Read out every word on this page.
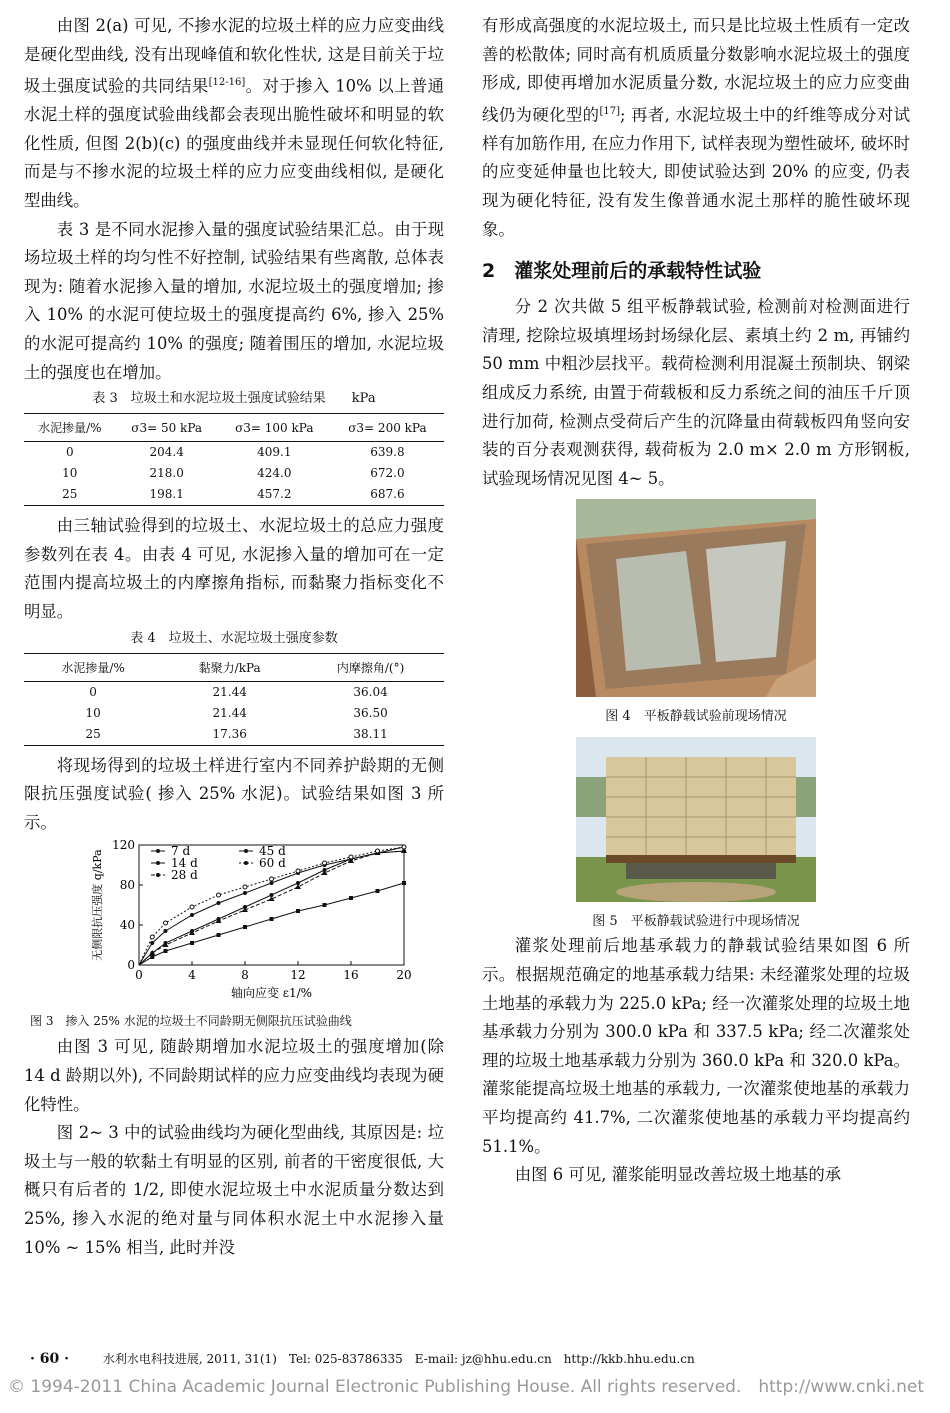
由图 2(a) 可见, 不掺水泥的垃圾土样的应力应变曲线是硬化型曲线, 没有出现峰值和软化性状, 这是目前关于垃圾土强度试验的共同结果[12-16]。对于掺入 10% 以上普通水泥土样的强度试验曲线都会表现出脆性破坏和明显的软化性质, 但图 2(b)(c) 的强度曲线并未显现任何软化特征, 而是与不掺水泥的垃圾土样的应力应变曲线相似, 是硬化型曲线。

表 3 是不同水泥掺入量的强度试验结果汇总。由于现场垃圾土样的均匀性不好控制, 试验结果有些离散, 总体表现为: 随着水泥掺入量的增加, 水泥垃圾土的强度增加; 掺入 10% 的水泥可使垃圾土的强度提高约 6%, 掺入 25% 的水泥可提高约 10% 的强度; 随着围压的增加, 水泥垃圾土的强度也在增加。

表 3　垃圾土和水泥垃圾土强度试验结果　　kPa
水泥掺量/%	σ3= 50 kPa	σ3= 100 kPa	σ3= 200 kPa
0	204.4	409.1	639.8
10	218.0	424.0	672.0
25	198.1	457.2	687.6

由三轴试验得到的垃圾土、水泥垃圾土的总应力强度参数列在表 4。由表 4 可见, 水泥掺入量的增加可在一定范围内提高垃圾土的内摩擦角指标, 而黏聚力指标变化不明显。

表 4　垃圾土、水泥垃圾土强度参数
水泥掺量/%	黏聚力/kPa	内摩擦角/(°)
0	21.44	36.04
10	21.44	36.50
25	17.36	38.11

将现场得到的垃圾土样进行室内不同养护龄期的无侧限抗压强度试验( 掺入 25% 水泥)。试验结果如图 3 所示。

0	4	8	12	16	20
0
40
80
120
轴向应变 ε1/%
无侧限抗压强度 q/kPa	7 d
14 d
28 d
45 d
60 d
图 3　掺入 25% 水泥的垃圾土不同龄期无侧限抗压试验曲线

由图 3 可见, 随龄期增加水泥垃圾土的强度增加(除 14 d 龄期以外), 不同龄期试样的应力应变曲线均表现为硬化特性。

图 2~ 3 中的试验曲线均为硬化型曲线, 其原因是: 垃圾土与一般的软黏土有明显的区别, 前者的干密度很低, 大概只有后者的 1/2, 即使水泥垃圾土中水泥质量分数达到 25%, 掺入水泥的绝对量与同体积水泥土中水泥掺入量 10% ~ 15% 相当, 此时并没

有形成高强度的水泥垃圾土, 而只是比垃圾土性质有一定改善的松散体; 同时高有机质质量分数影响水泥垃圾土的强度形成, 即使再增加水泥质量分数, 水泥垃圾土的应力应变曲线仍为硬化型的[17]; 再者, 水泥垃圾土中的纤维等成分对试样有加筋作用, 在应力作用下, 试样表现为塑性破坏, 破坏时的应变延伸量也比较大, 即使试验达到 20% 的应变, 仍表现为硬化特征, 没有发生像普通水泥土那样的脆性破坏现象。

2　灌浆处理前后的承载特性试验

分 2 次共做 5 组平板静载试验, 检测前对检测面进行清理, 挖除垃圾填埋场封场绿化层、素填土约 2 m, 再铺约 50 mm 中粗沙层找平。载荷检测利用混凝土预制块、钢梁组成反力系统, 由置于荷载板和反力系统之间的油压千斤顶进行加荷, 检测点受荷后产生的沉降量由荷载板四角竖向安装的百分表观测获得, 载荷板为 2.0 m× 2.0 m 方形钢板, 试验现场情况见图 4~ 5。

图 4　平板静载试验前现场情况
图 5　平板静载试验进行中现场情况

灌浆处理前后地基承载力的静载试验结果如图 6 所示。根据规范确定的地基承载力结果: 未经灌浆处理的垃圾土地基的承载力为 225.0 kPa; 经一次灌浆处理的垃圾土地基承载力分别为 300.0 kPa 和 337.5 kPa; 经二次灌浆处理的垃圾土地基承载力分别为 360.0 kPa 和 320.0 kPa。灌浆能提高垃圾土地基的承载力, 一次灌浆使地基的承载力平均提高约 41.7%, 二次灌浆使地基的承载力平均提高约 51.1%。

由图 6 可见, 灌浆能明显改善垃圾土地基的承

· 60 ·	水利水电科技进展, 2011, 31(1)　Tel: 025-83786335　E-mail: jz@hhu.edu.cn　http://kkb.hhu.edu.cn
© 1994-2011 China Academic Journal Electronic Publishing House. All rights reserved.　http://www.cnki.net
